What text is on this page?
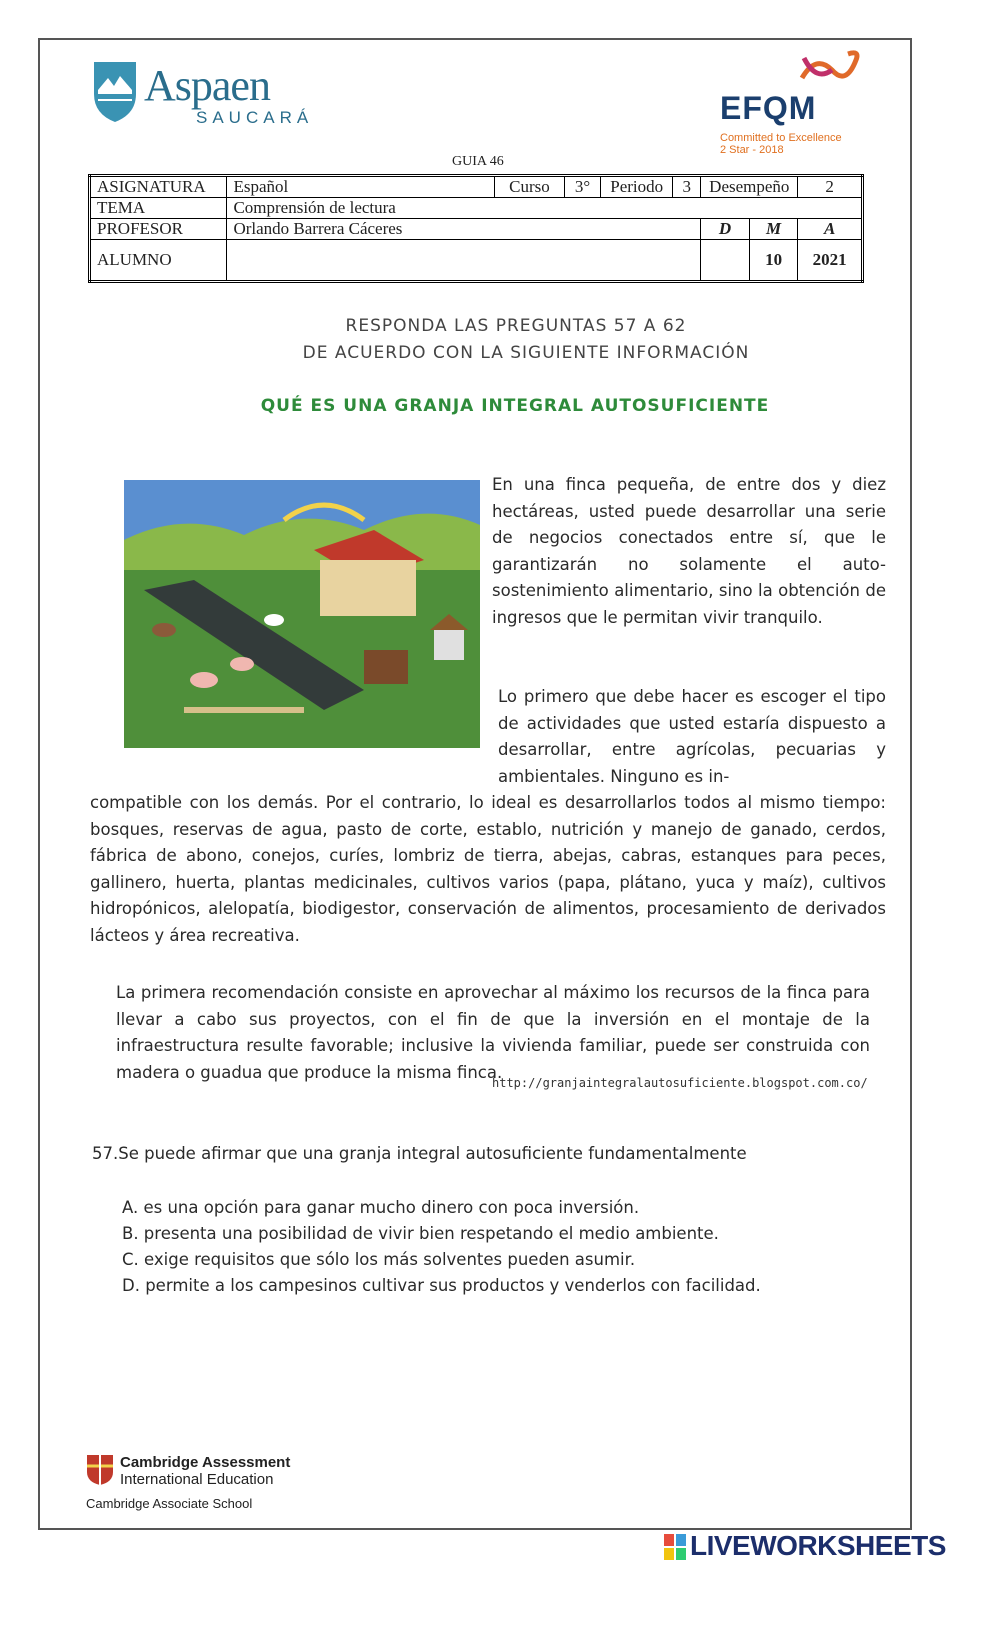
Aspaen
SAUCARÁ	EFQM
Committed to Excellence
2 Star - 2018
GUIA 46
ASIGNATURA	Español	Curso	3°	Periodo	3	Desempeño		2
TEMA	Comprensión de lectura							
PROFESOR	Orlando Barrera Cáceres					D	M	A
ALUMNO							10	2021
RESPONDA LAS PREGUNTAS 57 A 62
DE ACUERDO CON LA SIGUIENTE INFORMACIÓN
QUÉ ES UNA GRANJA INTEGRAL AUTOSUFICIENTE
En una finca pequeña, de entre dos y diez hectáreas, usted puede desarrollar una serie de negocios conectados entre sí, que le garantizarán no solamente el auto-sostenimiento alimentario, sino la obtención de ingresos que le permitan vivir tranquilo.
Lo primero que debe hacer es escoger el tipo de actividades que usted estaría dispuesto a desarrollar, entre agrícolas, pecuarias y ambientales. Ninguno es in-
compatible con los demás. Por el contrario, lo ideal es desarrollarlos todos al mismo tiempo: bosques, reservas de agua, pasto de corte, establo, nutrición y manejo de ganado, cerdos, fábrica de abono, conejos, curíes, lombriz de tierra, abejas, cabras, estanques para peces, gallinero, huerta, plantas medicinales, cultivos varios (papa, plátano, yuca y maíz), cultivos hidropónicos, alelopatía, biodigestor, conservación de alimentos, procesamiento de derivados lácteos y área recreativa.
La primera recomendación consiste en aprovechar al máximo los recursos de la finca para llevar a cabo sus proyectos, con el fin de que la inversión en el montaje de la infraestructura resulte favorable; inclusive la vivienda familiar, puede ser construida con madera o guadua que produce la misma finca.
http://granjaintegralautosuficiente.blogspot.com.co/
57.Se puede afirmar que una granja integral autosuficiente fundamentalmente
A. es una opción para ganar mucho dinero con poca inversión.
B. presenta una posibilidad de vivir bien respetando el medio ambiente.
C. exige requisitos que sólo los más solventes pueden asumir.
D. permite a los campesinos cultivar sus productos y venderlos con facilidad.
Cambridge Assessment
International Education
Cambridge Associate School
LIVEWORKSHEETS
